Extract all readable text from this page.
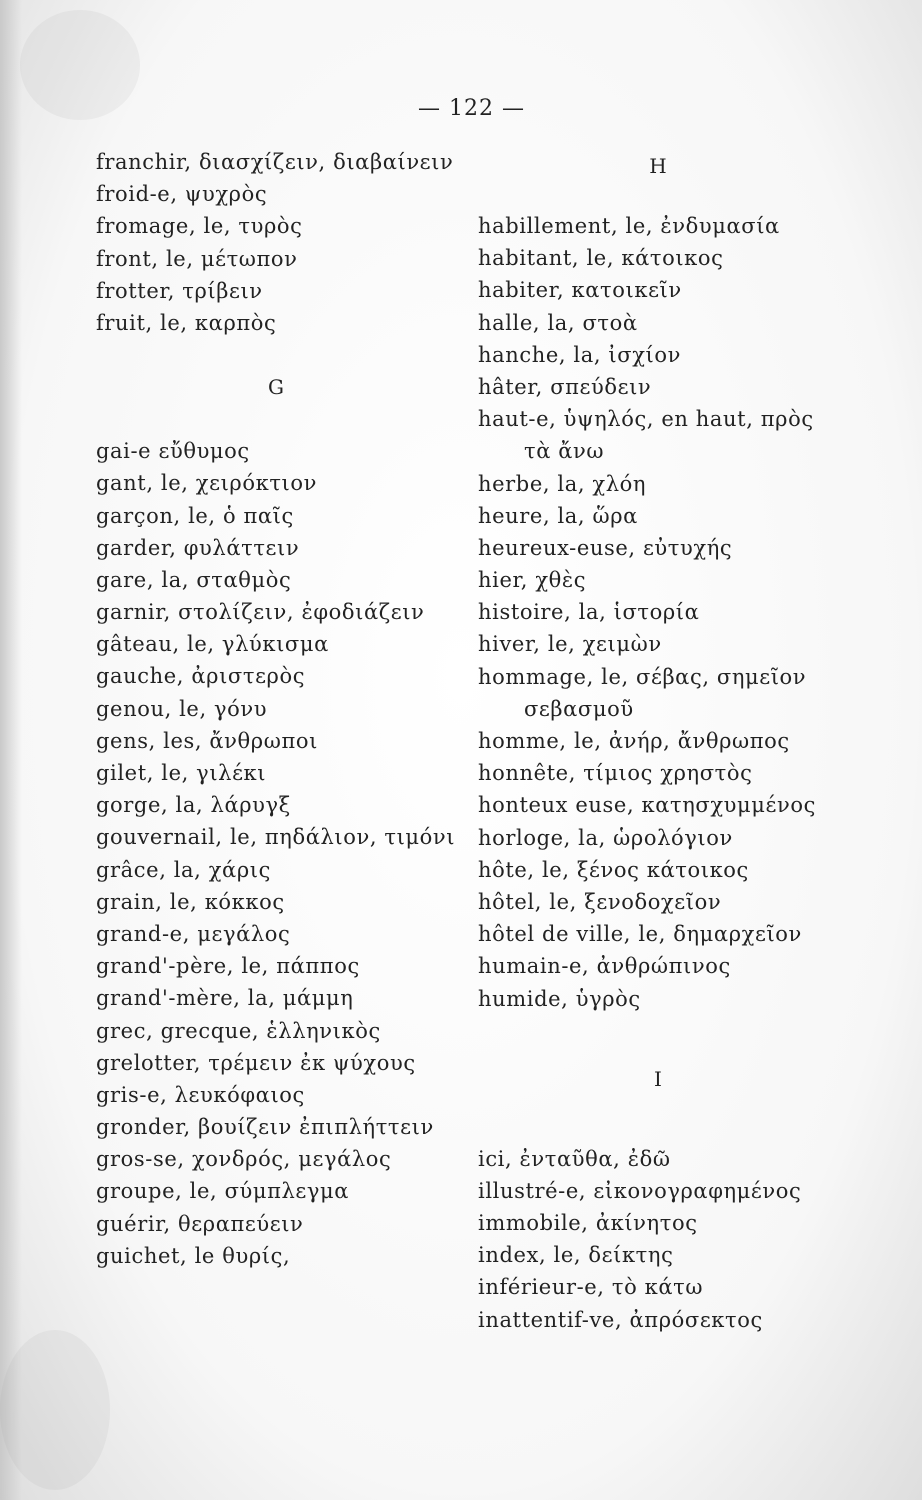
— 122 —
franchir, διασχίζειν, διαβαίνειν
froid-e, ψυχρὸς
fromage, le, τυρὸς
front, le, μέτωπον
frotter, τρίβειν
fruit, le, καρπὸς
G
gai-e εὔθυμος
gant, le, χειρόκτιον
garçon, le, ὁ παῖς
garder, φυλάττειν
gare, la, σταθμὸς
garnir, στολίζειν, ἐφοδιάζειν
gâteau, le, γλύκισμα
gauche, ἀριστερὸς
genou, le, γόνυ
gens, les, ἄνθρωποι
gilet, le, γιλέκι
gorge, la, λάρυγξ
gouvernail, le, πηδάλιον, τιμόνι
grâce, la, χάρις
grain, le, κόκκος
grand-e, μεγάλος
grand'-père, le, πάππος
grand'-mère, la, μάμμη
grec, grecque, ἑλληνικὸς
grelotter, τρέμειν ἐκ ψύχους
gris-e, λευκόφαιος
gronder, βουίζειν ἐπιπλήττειν
gros-se, χονδρός, μεγάλος
groupe, le, σύμπλεγμα
guérir, θεραπεύειν
guichet, le θυρίς,
H
habillement, le, ἐνδυμασία
habitant, le, κάτοικος
habiter, κατοικεῖν
halle, la, στοὰ
hanche, la, ἰσχίον
hâter, σπεύδειν
haut-e, ὑψηλός, en haut, πρὸς
τὰ ἄνω
herbe, la, χλόη
heure, la, ὥρα
heureux-euse, εὐτυχής
hier, χθὲς
histoire, la, ἱστορία
hiver, le, χειμὼν
hommage, le, σέβας, σημεῖον
σεβασμοῦ
homme, le, ἀνήρ, ἄνθρωπος
honnête, τίμιος χρηστὸς
honteux euse, κατησχυμμένος
horloge, la, ὡρολόγιον
hôte, le, ξένος κάτοικος
hôtel, le, ξενοδοχεῖον
hôtel de ville, le, δημαρχεῖον
humain-e, ἀνθρώπινος
humide, ὑγρὸς
I
ici, ἐνταῦθα, ἐδῶ
illustré-e, εἰκονογραφημένος
immobile, ἀκίνητος
index, le, δείκτης
inférieur-e, τὸ κάτω
inattentif-ve, ἀπρόσεκτος
